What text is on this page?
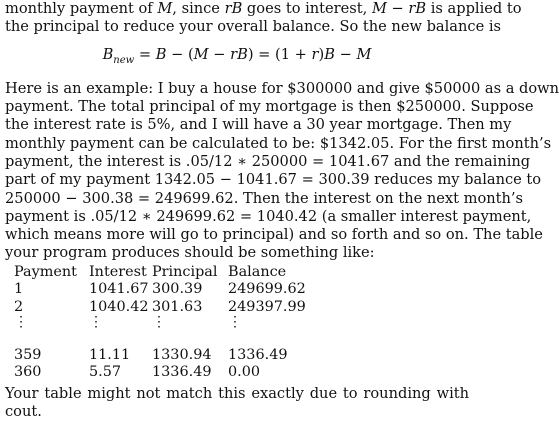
monthly payment of M, since rB goes to interest, M − rB is applied to
the principal to reduce your overall balance. So the new balance is

$B_{new} = B - (M - rB) = (1 + r)B - M$

Here is an example: I buy a house for $300000 and give $50000 as a down
payment. The total principal of my mortgage is then $250000. Suppose
the interest rate is 5%, and I will have a 30 year mortgage. Then my
monthly payment can be calculated to be: $1342.05. For the first month’s
payment, the interest is .05/12 ∗ 250000 = 1041.67 and the remaining
part of my payment 1342.05 − 1041.67 = 300.39 reduces my balance to
250000 − 300.38 = 249699.62. Then the interest on the next month’s
payment is .05/12 ∗ 249699.62 = 1040.42 (a smaller interest payment,
which means more will go to principal) and so forth and so on. The table
your program produces should be something like:

Payment	Interest	Principal	Balance
1	1041.67	300.39	249699.62
2	1040.42	301.63	249397.99
⋮	⋮	⋮	⋮
359	11.11	1330.94	1336.49
360	5.57	1336.49	0.00

Your table might not match this exactly due to rounding with cout.
